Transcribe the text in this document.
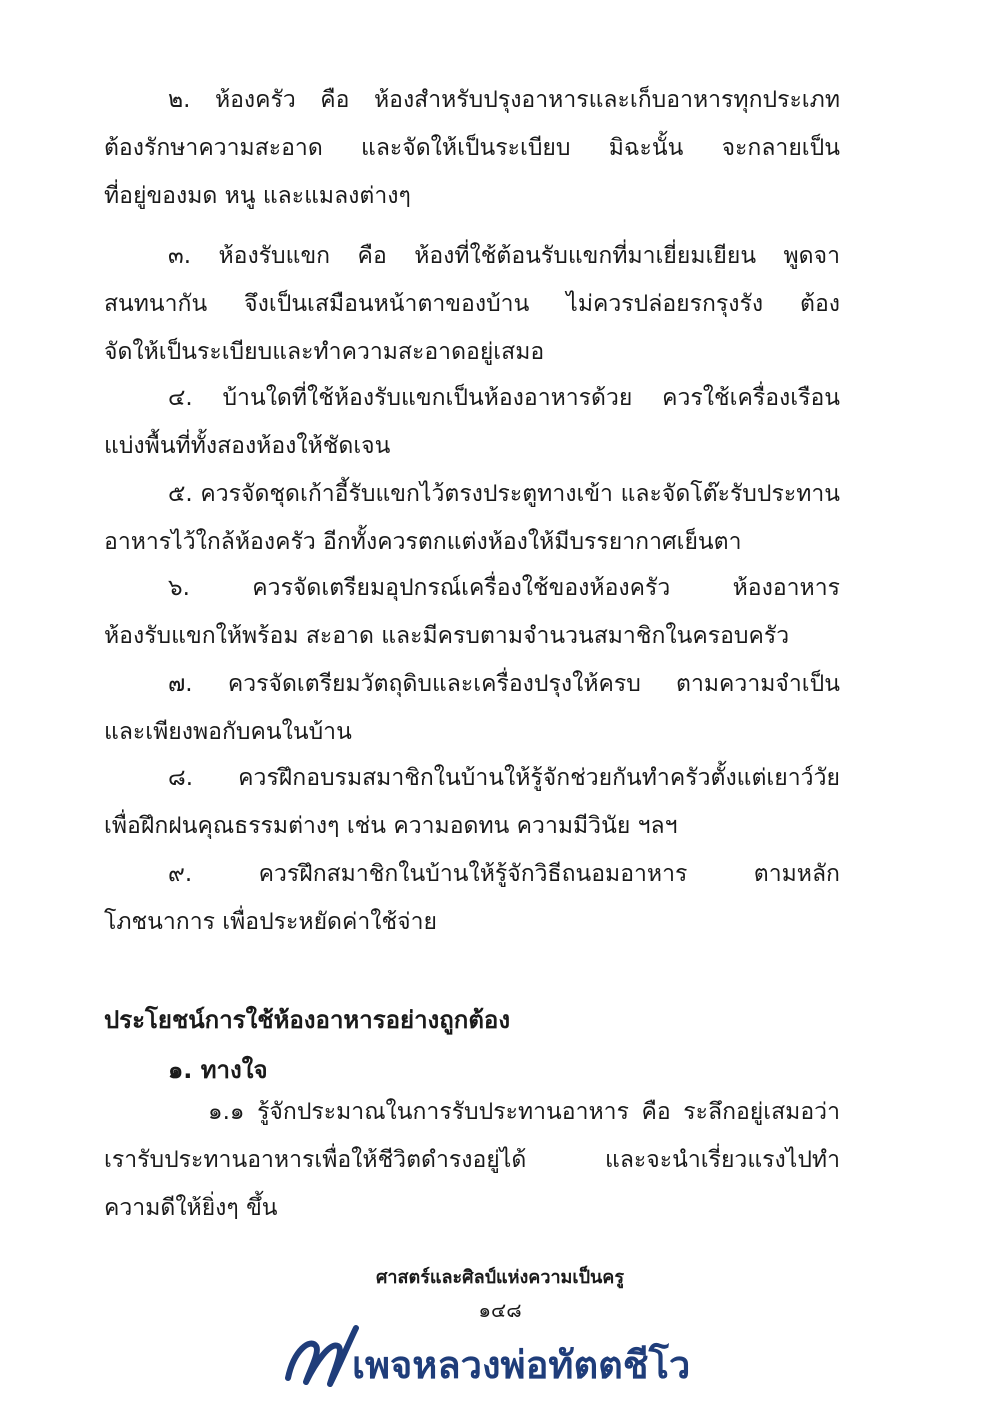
๒. ห้องครัว คือ ห้องสำหรับปรุงอาหารและเก็บอาหารทุกประเภท
ต้องรักษาความสะอาด และจัดให้เป็นระเบียบ มิฉะนั้น จะกลายเป็น
ที่อยู่ของมด หนู และแมลงต่างๆ
๓. ห้องรับแขก คือ ห้องที่ใช้ต้อนรับแขกที่มาเยี่ยมเยียน พูดจา
สนทนากัน จึงเป็นเสมือนหน้าตาของบ้าน ไม่ควรปล่อยรกรุงรัง ต้อง
จัดให้เป็นระเบียบและทำความสะอาดอยู่เสมอ
๔. บ้านใดที่ใช้ห้องรับแขกเป็นห้องอาหารด้วย ควรใช้เครื่องเรือน
แบ่งพื้นที่ทั้งสองห้องให้ชัดเจน
๕. ควรจัดชุดเก้าอี้รับแขกไว้ตรงประตูทางเข้า และจัดโต๊ะรับประทาน
อาหารไว้ใกล้ห้องครัว อีกทั้งควรตกแต่งห้องให้มีบรรยากาศเย็นตา
๖. ควรจัดเตรียมอุปกรณ์เครื่องใช้ของห้องครัว ห้องอาหาร
ห้องรับแขกให้พร้อม สะอาด และมีครบตามจำนวนสมาชิกในครอบครัว
๗. ควรจัดเตรียมวัตถุดิบและเครื่องปรุงให้ครบ ตามความจำเป็น
และเพียงพอกับคนในบ้าน
๘. ควรฝึกอบรมสมาชิกในบ้านให้รู้จักช่วยกันทำครัวตั้งแต่เยาว์วัย
เพื่อฝึกฝนคุณธรรมต่างๆ เช่น ความอดทน ความมีวินัย ฯลฯ
๙. ควรฝึกสมาชิกในบ้านให้รู้จักวิธีถนอมอาหาร ตามหลัก
โภชนาการ เพื่อประหยัดค่าใช้จ่าย
ประโยชน์การใช้ห้องอาหารอย่างถูกต้อง
๑. ทางใจ
๑.๑ รู้จักประมาณในการรับประทานอาหาร คือ ระลึกอยู่เสมอว่า
เรารับประทานอาหารเพื่อให้ชีวิตดำรงอยู่ได้ และจะนำเรี่ยวแรงไปทำ
ความดีให้ยิ่งๆ ขึ้น
ศาสตร์และศิลป์แห่งความเป็นครู
๑๔๘
เพจหลวงพ่อทัตตชีโว
